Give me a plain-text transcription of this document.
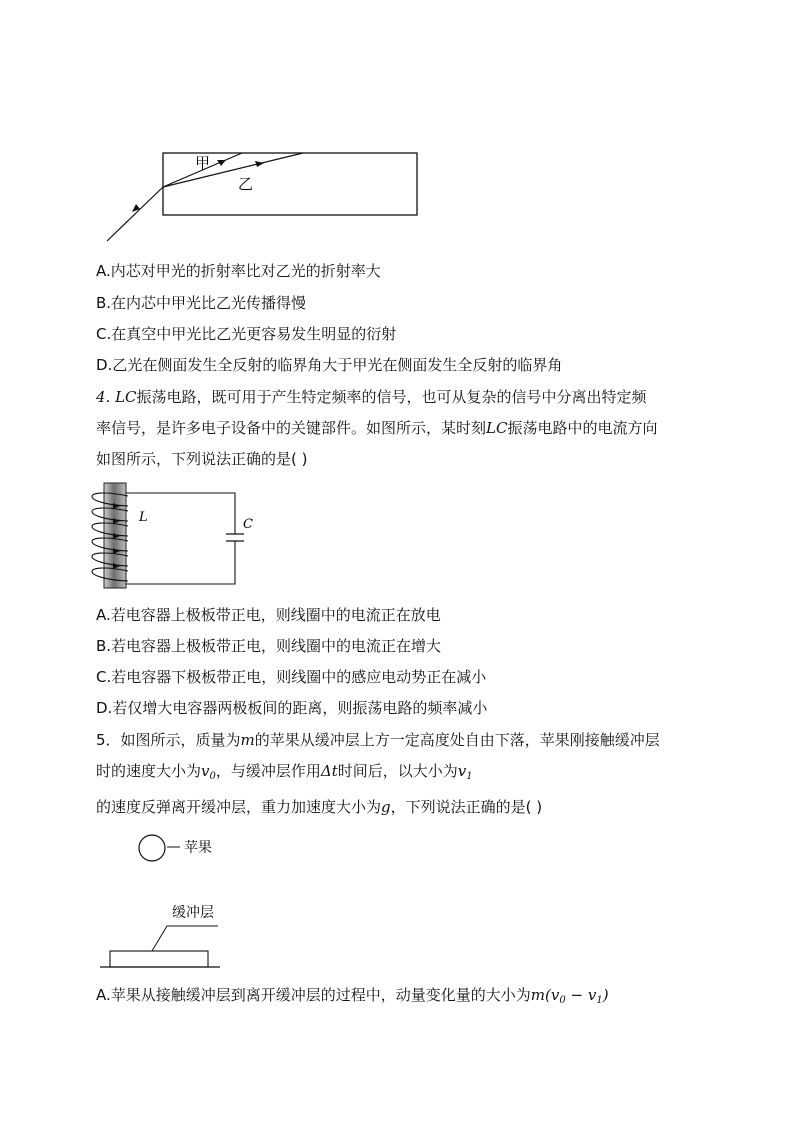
甲
乙
A.内芯对甲光的折射率比对乙光的折射率大
B.在内芯中甲光比乙光传播得慢
C.在真空中甲光比乙光更容易发生明显的衍射
D.乙光在侧面发生全反射的临界角大于甲光在侧面发生全反射的临界角
4. LC振荡电路，既可用于产生特定频率的信号，也可从复杂的信号中分离出特定频
率信号，是许多电子设备中的关键部件。如图所示，某时刻LC振荡电路中的电流方向
如图所示，下列说法正确的是( )
L	C
A.若电容器上极板带正电，则线圈中的电流正在放电
B.若电容器上极板带正电，则线圈中的电流正在增大
C.若电容器下极板带正电，则线圈中的感应电动势正在减小
D.若仅增大电容器两极板间的距离，则振荡电路的频率减小
5．如图所示，质量为m的苹果从缓冲层上方一定高度处自由下落，苹果刚接触缓冲层
时的速度大小为$v_0$，与缓冲层作用Δt时间后，以大小为$v_1$
的速度反弹离开缓冲层，重力加速度大小为g，下列说法正确的是( )
苹果
缓冲层
A.苹果从接触缓冲层到离开缓冲层的过程中，动量变化量的大小为$m(v_0 - v_1)$
